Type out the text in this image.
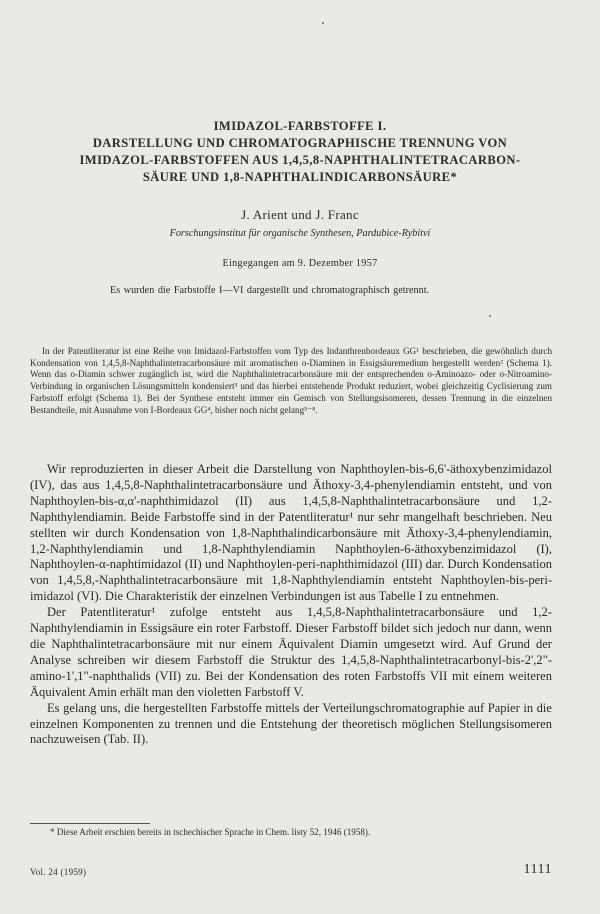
IMIDAZOL-FARBSTOFFE I.
DARSTELLUNG UND CHROMATOGRAPHISCHE TRENNUNG VON
IMIDAZOL-FARBSTOFFEN AUS 1,4,5,8-NAPHTHALINTETRACARBON-
SÄURE UND 1,8-NAPHTHALINDICARBONSÄURE*
J. Arient und J. Franc
Forschungsinstitut für organische Synthesen, Pardubice-Rybitví
Eingegangen am 9. Dezember 1957
Es wurden die Farbstoffe I—VI dargestellt und chromatographisch getrennt.
In der Patentliteratur ist eine Reihe von Imidazol-Farbstoffen vom Typ des Indanthrenbordeaux GG¹ beschrieben, die gewöhnlich durch Kondensation von 1,4,5,8-Naphthalintetracarbonsäure mit aromatischen o-Diaminen in Essigsäuremedium hergestellt werden² (Schema 1). Wenn das o-Diamin schwer zugänglich ist, wird die Naphthalintetracarbonsäure mit der entsprechenden o-Aminoazo- oder o-Nitroamino-Verbindung in organischen Lösungsmitteln kondensiert³ und das hierbei entstehende Produkt reduziert, wobei gleichzeitig Cyclisierung zum Farbstoff erfolgt (Schema 1). Bei der Synthese entsteht immer ein Gemisch von Stellungsisomeren, dessen Trennung in die einzelnen Bestandteile, mit Ausnahme von I-Bordeaux GG⁴, bisher noch nicht gelang⁵⁻⁸.

Wir reproduzierten in dieser Arbeit die Darstellung von Naphthoylen-bis-6,6'-äthoxybenzimidazol (IV), das aus 1,4,5,8-Naphthalintetracarbonsäure und Äthoxy-3,4-phenylendiamin entsteht, und von Naphthoylen-bis-α,α'-naphthimidazol (II) aus 1,4,5,8-Naphthalintetracarbonsäure und 1,2-Naphthylendiamin. Beide Farbstoffe sind in der Patentliteratur¹ nur sehr mangelhaft beschrieben. Neu stellten wir durch Kondensation von 1,8-Naphthalindicarbonsäure mit Äthoxy-3,4-phenylendiamin, 1,2-Naphthylendiamin und 1,8-Naphthylendiamin Naphthoylen-6-äthoxybenzimidazol (I), Naphthoylen-α-naphtimidazol (II) und Naphthoylen-peri-naphthimidazol (III) dar. Durch Kondensation von 1,4,5,8,-Naphthalintetracarbonsäure mit 1,8-Naphthylendiamin entsteht Naphthoylen-bis-peri-imidazol (VI). Die Charakteristik der einzelnen Verbindungen ist aus Tabelle I zu entnehmen.

Der Patentliteratur¹ zufolge entsteht aus 1,4,5,8-Naphthalintetracarbonsäure und 1,2-Naphthylendiamin in Essigsäure ein roter Farbstoff. Dieser Farbstoff bildet sich jedoch nur dann, wenn die Naphthalintetracarbonsäure mit nur einem Äquivalent Diamin umgesetzt wird. Auf Grund der Analyse schreiben wir diesem Farbstoff die Struktur des 1,4,5,8-Naphthalintetracarbonyl-bis-2',2"-amino-1',1"-naphthalids (VII) zu. Bei der Kondensation des roten Farbstoffs VII mit einem weiteren Äquivalent Amin erhält man den violetten Farbstoff V.

Es gelang uns, die hergestellten Farbstoffe mittels der Verteilungschromatographie auf Papier in die einzelnen Komponenten zu trennen und die Entstehung der theoretisch möglichen Stellungsisomeren nachzuweisen (Tab. II).

* Diese Arbeit erschien bereits in tschechischer Sprache in Chem. listy 52, 1946 (1958).
Vol. 24 (1959)	1111
